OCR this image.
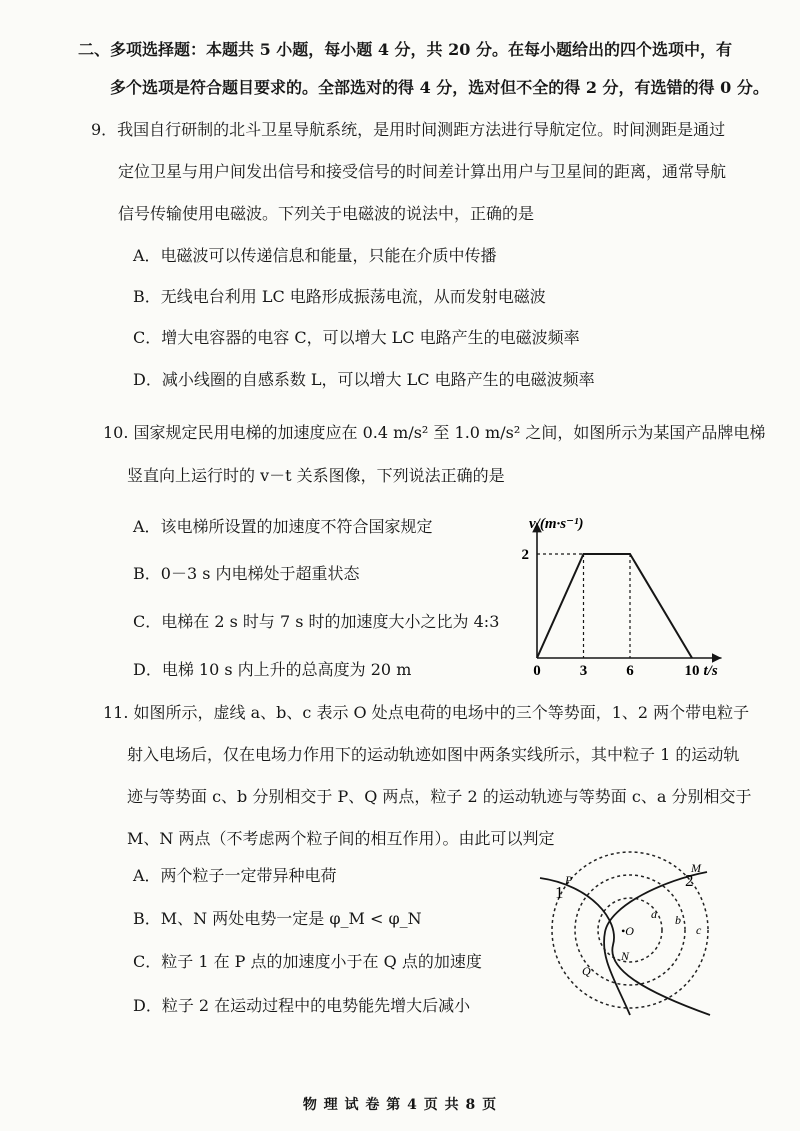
二、多项选择题：本题共 5 小题，每小题 4 分，共 20 分。在每小题给出的四个选项中，有
多个选项是符合题目要求的。全部选对的得 4 分，选对但不全的得 2 分，有选错的得 0 分。
9．我国自行研制的北斗卫星导航系统，是用时间测距方法进行导航定位。时间测距是通过
定位卫星与用户间发出信号和接受信号的时间差计算出用户与卫星间的距离，通常导航
信号传输使用电磁波。下列关于电磁波的说法中，正确的是
A．电磁波可以传递信息和能量，只能在介质中传播
B．无线电台利用 LC 电路形成振荡电流，从而发射电磁波
C．增大电容器的电容 C，可以增大 LC 电路产生的电磁波频率
D．减小线圈的自感系数 L，可以增大 LC 电路产生的电磁波频率
10. 国家规定民用电梯的加速度应在 0.4 m/s² 至 1.0 m/s² 之间，如图所示为某国产品牌电梯
竖直向上运行时的 v－t 关系图像，下列说法正确的是
A．该电梯所设置的加速度不符合国家规定
B．0－3 s 内电梯处于超重状态
C．电梯在 2 s 时与 7 s 时的加速度大小之比为 4:3
D．电梯 10 s 内上升的总高度为 20 m	0	3	6	10
2
v/(m·s⁻¹)
t/s
11. 如图所示，虚线 a、b、c 表示 O 处点电荷的电场中的三个等势面，1、2 两个带电粒子
射入电场后，仅在电场力作用下的运动轨迹如图中两条实线所示，其中粒子 1 的运动轨
迹与等势面 c、b 分别相交于 P、Q 两点，粒子 2 的运动轨迹与等势面 c、a 分别相交于
M、N 两点（不考虑两个粒子间的相互作用）。由此可以判定
A．两个粒子一定带异种电荷
B．M、N 两处电势一定是 φ_M < φ_N
C．粒子 1 在 P 点的加速度小于在 Q 点的加速度
D．粒子 2 在运动过程中的电势能先增大后减小
1
2
P
Q
M
N
•O
a b
c
物 理 试 卷 第 4 页 共 8 页
